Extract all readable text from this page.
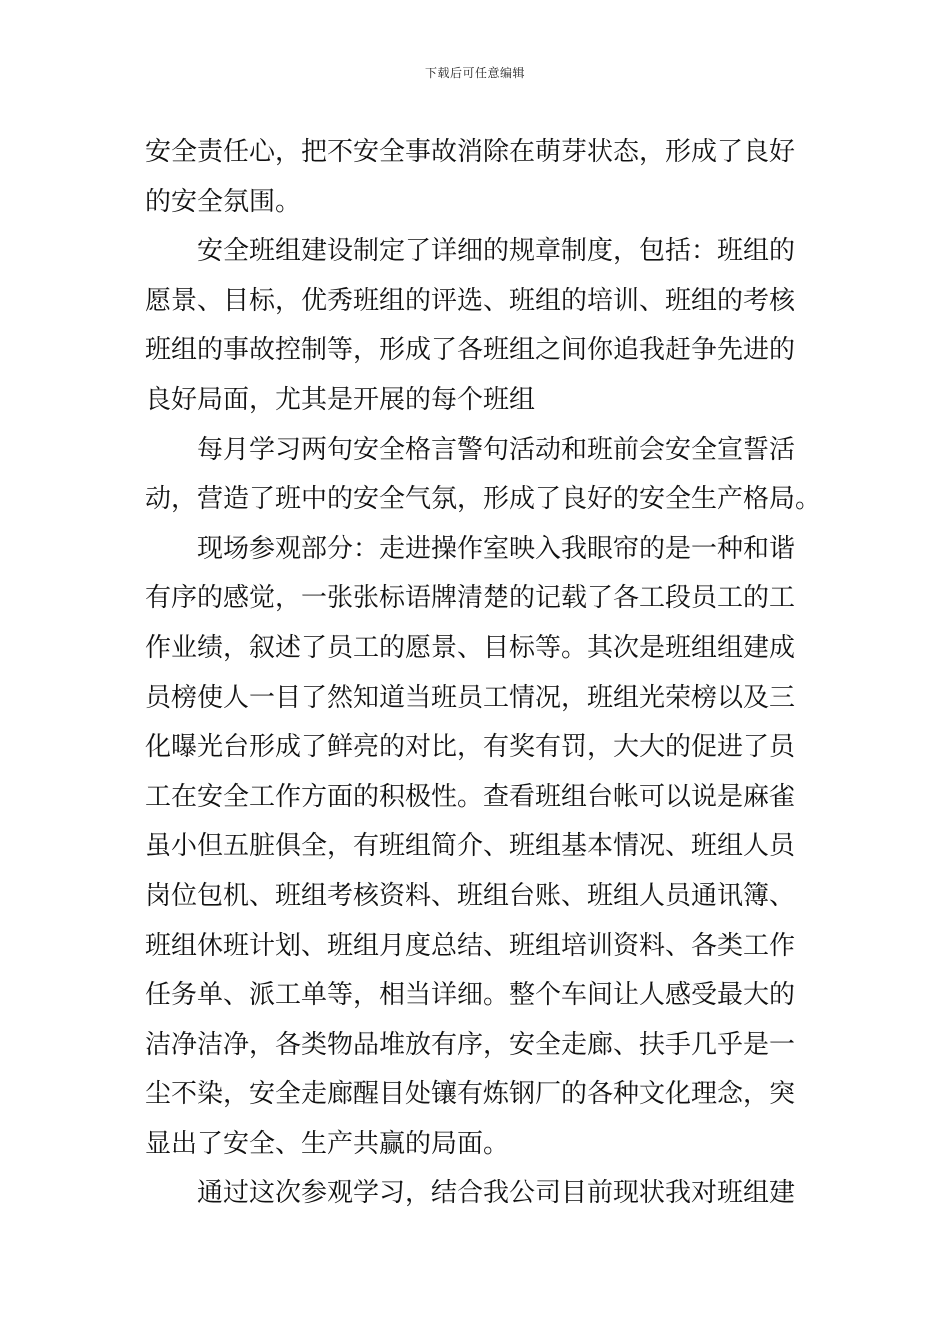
下载后可任意编辑
安全责任心，把不安全事故消除在萌芽状态，形成了良好
的安全氛围。
安全班组建设制定了详细的规章制度，包括：班组的
愿景、目标，优秀班组的评选、班组的培训、班组的考核
班组的事故控制等，形成了各班组之间你追我赶争先进的
良好局面，尤其是开展的每个班组
每月学习两句安全格言警句活动和班前会安全宣誓活
动，营造了班中的安全气氛，形成了良好的安全生产格局。
现场参观部分：走进操作室映入我眼帘的是一种和谐
有序的感觉，一张张标语牌清楚的记载了各工段员工的工
作业绩，叙述了员工的愿景、目标等。其次是班组组建成
员榜使人一目了然知道当班员工情况，班组光荣榜以及三
化曝光台形成了鲜亮的对比，有奖有罚，大大的促进了员
工在安全工作方面的积极性。查看班组台帐可以说是麻雀
虽小但五脏俱全，有班组简介、班组基本情况、班组人员
岗位包机、班组考核资料、班组台账、班组人员通讯簿、
班组休班计划、班组月度总结、班组培训资料、各类工作
任务单、派工单等，相当详细。整个车间让人感受最大的
洁净洁净，各类物品堆放有序，安全走廊、扶手几乎是一
尘不染，安全走廊醒目处镶有炼钢厂的各种文化理念，突
显出了安全、生产共赢的局面。
通过这次参观学习，结合我公司目前现状我对班组建
